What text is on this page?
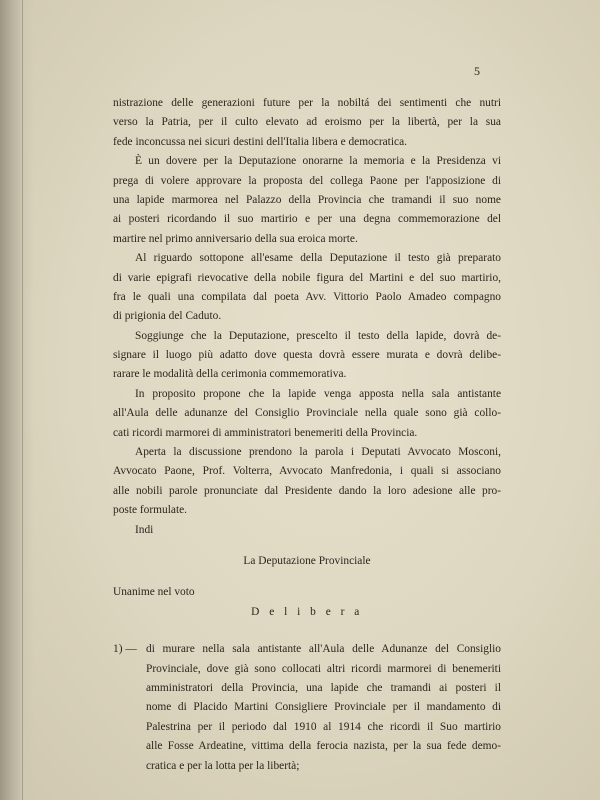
5
nistrazione delle generazioni future per la nobiltá dei sentimenti che nutri
verso la Patria, per il culto elevato ad eroismo per la libertà, per la sua
fede inconcussa nei sicuri destini dell'Italia libera e democratica.
È un dovere per la Deputazione onorarne la memoria e la Presidenza vi
prega di volere approvare la proposta del collega Paone per l'apposizione di
una lapide marmorea nel Palazzo della Provincia che tramandi il suo nome
ai posteri ricordando il suo martirio e per una degna commemorazione del
martire nel primo anniversario della sua eroica morte.
Al riguardo sottopone all'esame della Deputazione il testo già preparato
di varie epigrafi rievocative della nobile figura del Martini e del suo martirio,
fra le quali una compilata dal poeta Avv. Vittorio Paolo Amadeo compagno
di prigionia del Caduto.
Soggiunge che la Deputazione, prescelto il testo della lapide, dovrà de-
signare il luogo più adatto dove questa dovrà essere murata e dovrà delibe-
rarare le modalità della cerimonia commemorativa.
In proposito propone che la lapide venga apposta nella sala antistante
all'Aula delle adunanze del Consiglio Provinciale nella quale sono già collo-
cati ricordi marmorei di amministratori benemeriti della Provincia.
Aperta la discussione prendono la parola i Deputati Avvocato Mosconi,
Avvocato Paone, Prof. Volterra, Avvocato Manfredonia, i quali si associano
alle nobili parole pronunciate dal Presidente dando la loro adesione alle pro-
poste formulate.
Indi
La Deputazione Provinciale
Unanime nel voto
D e l i b e r a
1) — di murare nella sala antistante all'Aula delle Adunanze del Consiglio
Provinciale, dove già sono collocati altri ricordi marmorei di benemeriti
amministratori della Provincia, una lapide che tramandi ai posteri il
nome di Placido Martini Consigliere Provinciale per il mandamento di
Palestrina per il periodo dal 1910 al 1914 che ricordi il Suo martirio
alle Fosse Ardeatine, vittima della ferocia nazista, per la sua fede demo-
cratica e per la lotta per la libertà;
